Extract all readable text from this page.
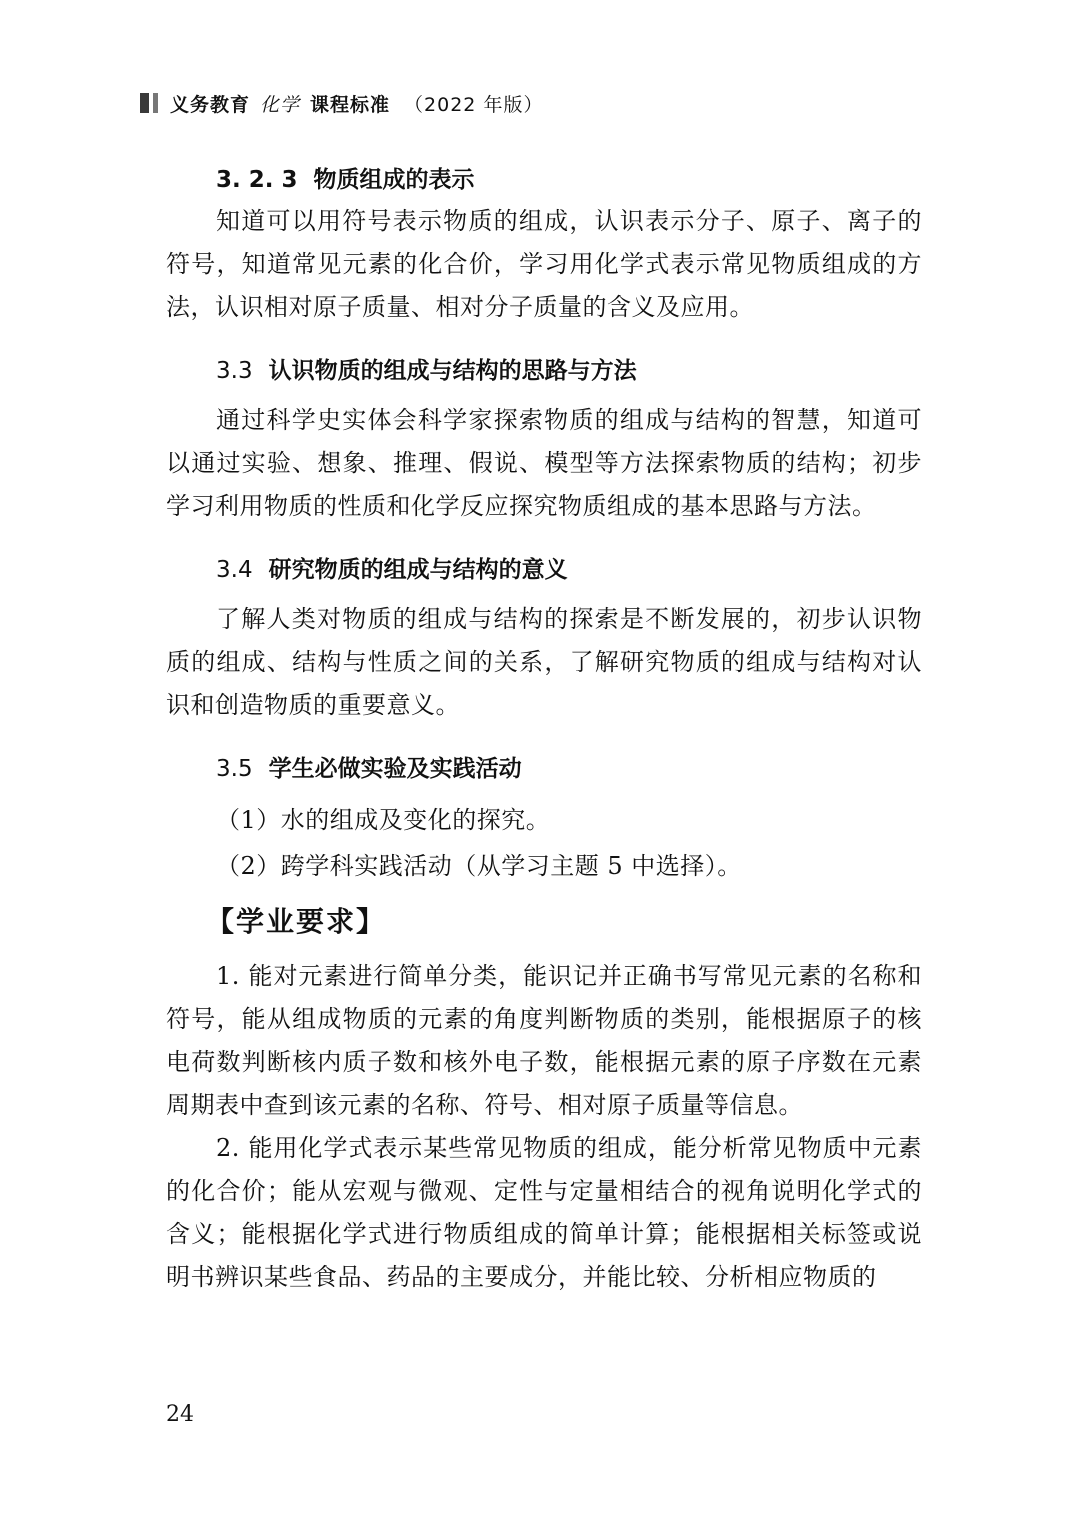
义务教育 化学 课程标准 （2022 年版）
3. 2. 3 物质组成的表示

知道可以用符号表示物质的组成，认识表示分子、原子、离子的符号，知道常见元素的化合价，学习用化学式表示常见物质组成的方法，认识相对原子质量、相对分子质量的含义及应用。

3.3 认识物质的组成与结构的思路与方法

通过科学史实体会科学家探索物质的组成与结构的智慧，知道可以通过实验、想象、推理、假说、模型等方法探索物质的结构；初步学习利用物质的性质和化学反应探究物质组成的基本思路与方法。

3.4 研究物质的组成与结构的意义

了解人类对物质的组成与结构的探索是不断发展的，初步认识物质的组成、结构与性质之间的关系，了解研究物质的组成与结构对认识和创造物质的重要意义。

3.5 学生必做实验及实践活动

（1）水的组成及变化的探究。

（2）跨学科实践活动（从学习主题 5 中选择）。

【学业要求】

1. 能对元素进行简单分类，能识记并正确书写常见元素的名称和符号，能从组成物质的元素的角度判断物质的类别，能根据原子的核电荷数判断核内质子数和核外电子数，能根据元素的原子序数在元素周期表中查到该元素的名称、符号、相对原子质量等信息。

2. 能用化学式表示某些常见物质的组成，能分析常见物质中元素的化合价；能从宏观与微观、定性与定量相结合的视角说明化学式的含义；能根据化学式进行物质组成的简单计算；能根据相关标签或说明书辨识某些食品、药品的主要成分，并能比较、分析相应物质的

24
